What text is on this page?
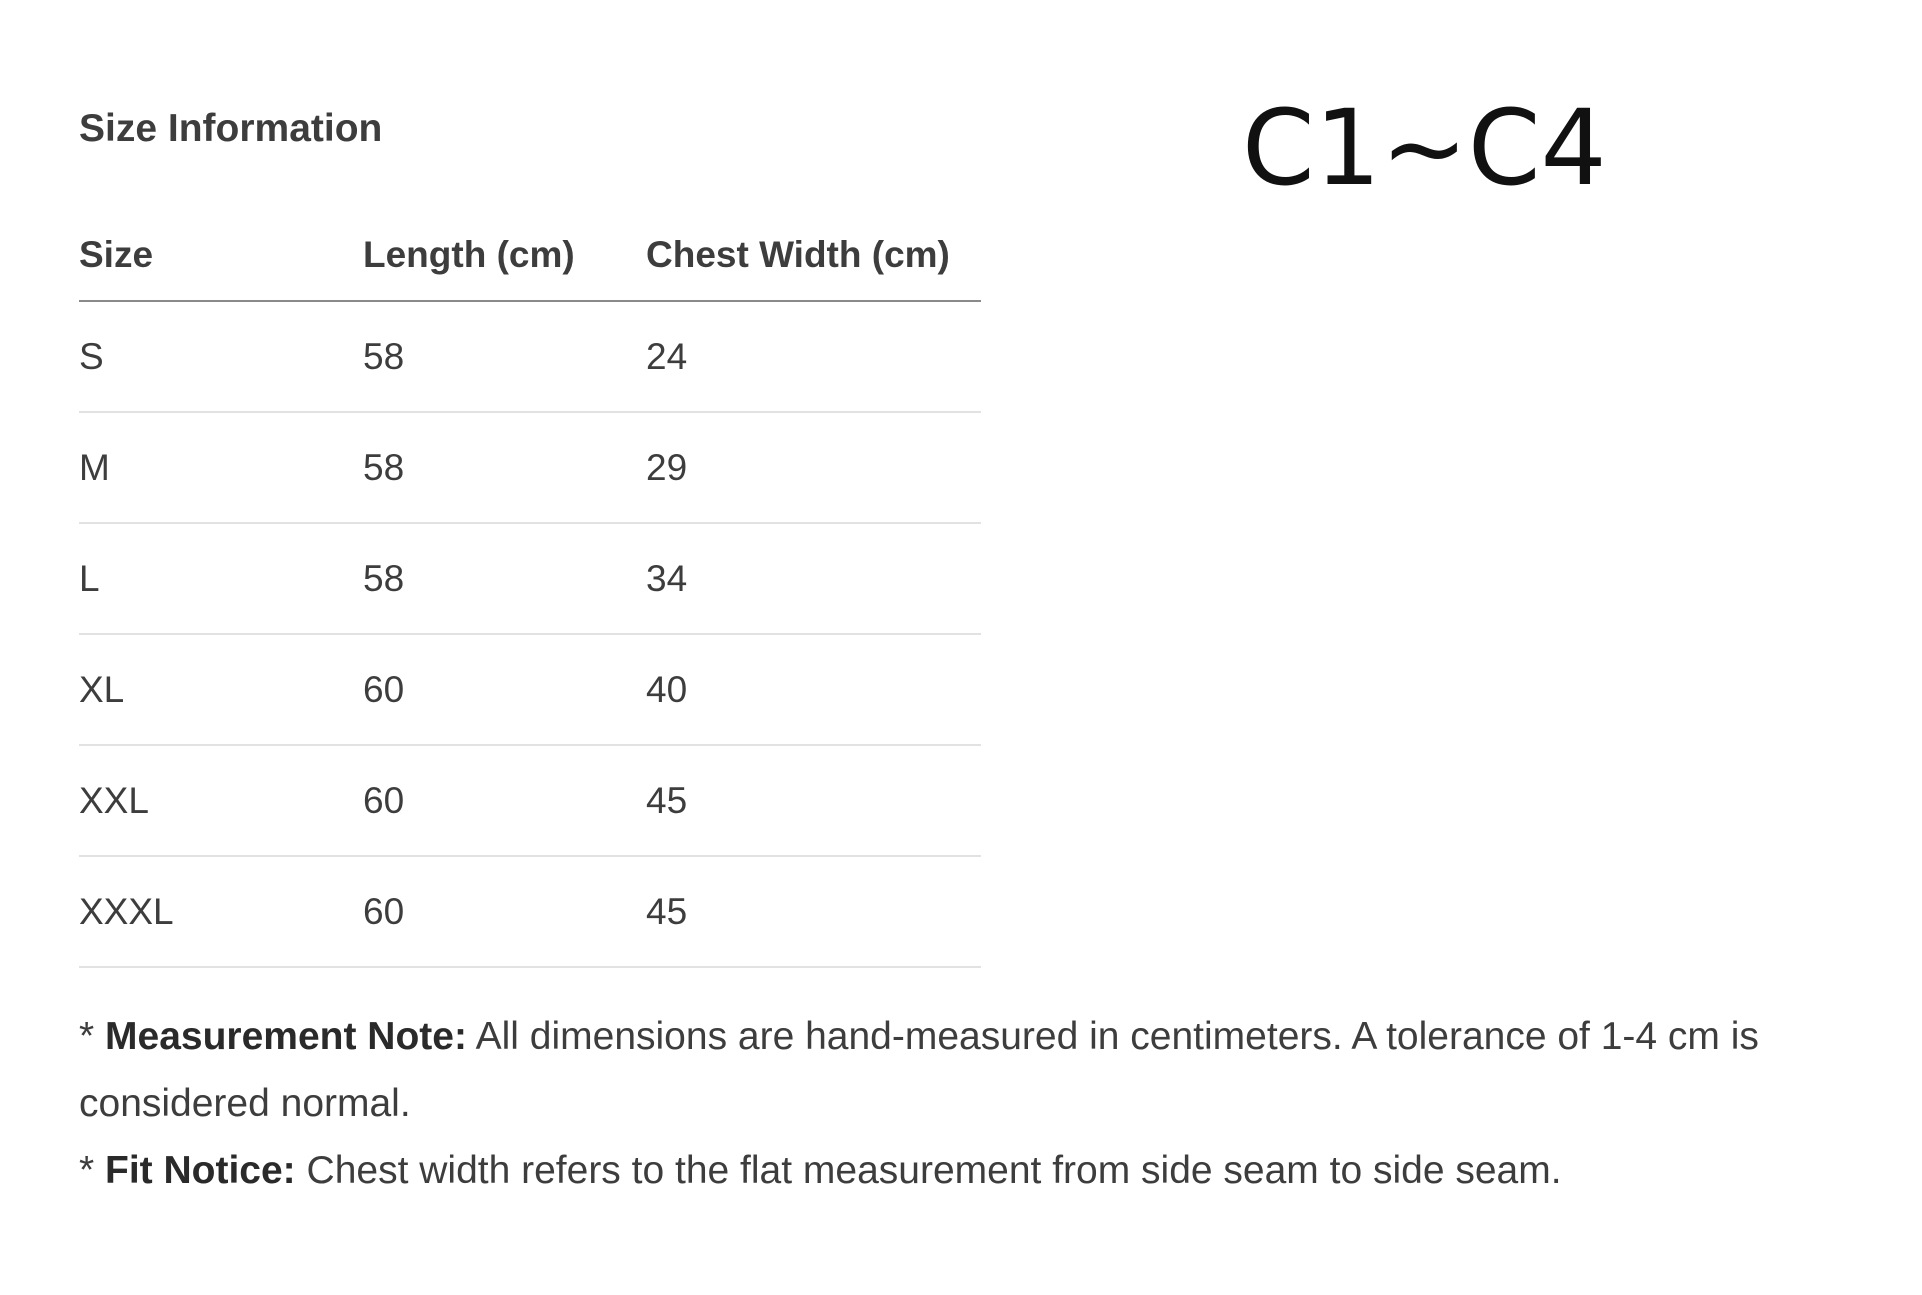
Size Information	C1~C4
Size	Length (cm)	Chest Width (cm)
S	58	24
M	58	29
L	58	34
XL	60	40
XXL	60	45
XXXL	60	45

* Measurement Note: All dimensions are hand-measured in centimeters. A tolerance of 1-4 cm is considered normal.

* Fit Notice: Chest width refers to the flat measurement from side seam to side seam.
